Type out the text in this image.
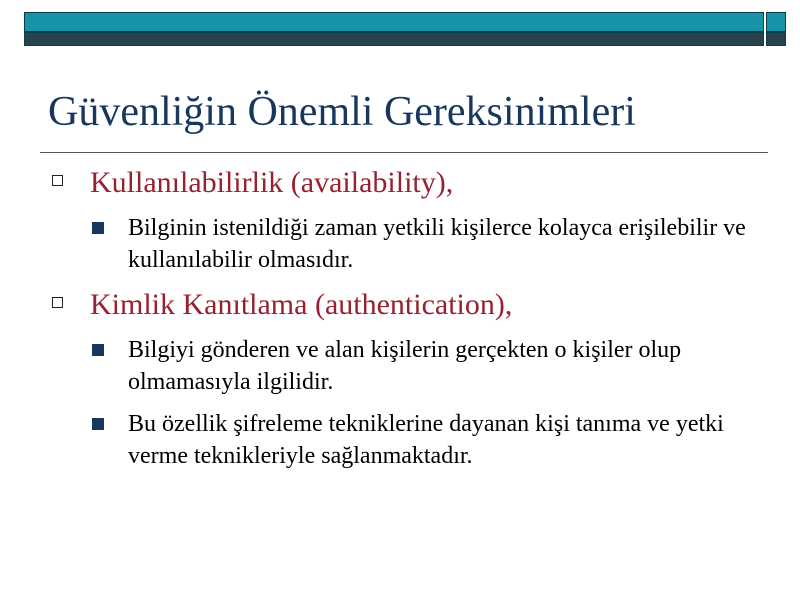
Güvenliğin Önemli Gereksinimleri
Kullanılabilirlik (availability),
Bilginin istenildiği zaman yetkili kişilerce kolayca erişilebilir ve kullanılabilir olmasıdır.
Kimlik Kanıtlama (authentication),
Bilgiyi gönderen ve alan kişilerin gerçekten o kişiler olup olmamasıyla ilgilidir.
Bu özellik şifreleme tekniklerine dayanan kişi tanıma ve yetki verme teknikleriyle sağlanmaktadır.
